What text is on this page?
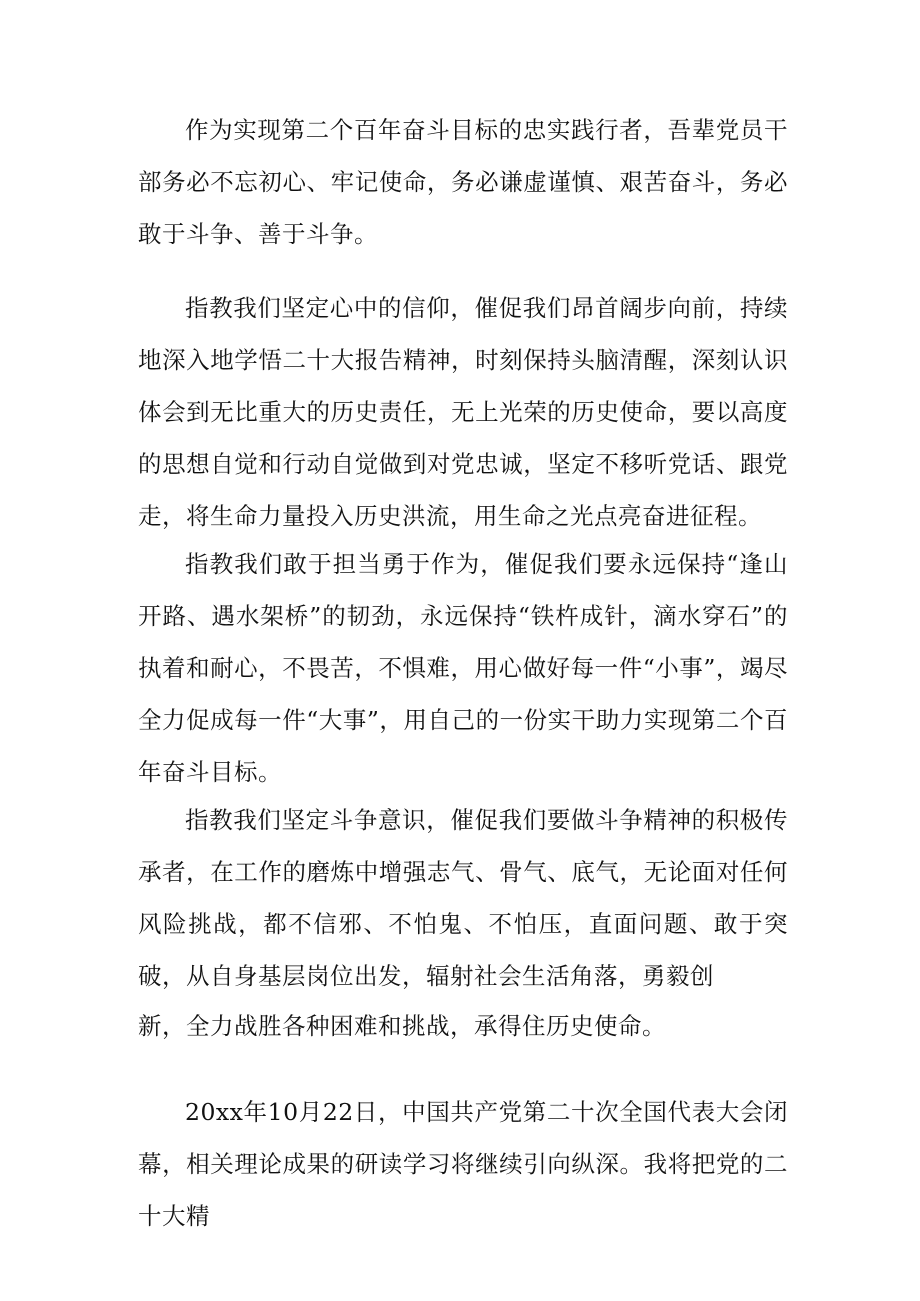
作为实现第二个百年奋斗目标的忠实践行者，吾辈党员干部务必不忘初心、牢记使命，务必谦虚谨慎、艰苦奋斗，务必敢于斗争、善于斗争。

指教我们坚定心中的信仰，催促我们昂首阔步向前，持续地深入地学悟二十大报告精神，时刻保持头脑清醒，深刻认识体会到无比重大的历史责任，无上光荣的历史使命，要以高度的思想自觉和行动自觉做到对党忠诚，坚定不移听党话、跟党走，将生命力量投入历史洪流，用生命之光点亮奋进征程。

指教我们敢于担当勇于作为，催促我们要永远保持“逢山开路、遇水架桥”的韧劲，永远保持“铁杵成针，滴水穿石”的执着和耐心，不畏苦，不惧难，用心做好每一件“小事”，竭尽全力促成每一件“大事”，用自己的一份实干助力实现第二个百年奋斗目标。

指教我们坚定斗争意识，催促我们要做斗争精神的积极传承者，在工作的磨炼中增强志气、骨气、底气，无论面对任何风险挑战，都不信邪、不怕鬼、不怕压，直面问题、敢于突破，从自身基层岗位出发，辐射社会生活角落，勇毅创

新，全力战胜各种困难和挑战，承得住历史使命。

20xx年10月22日，中国共产党第二十次全国代表大会闭幕，相关理论成果的研读学习将继续引向纵深。我将把党的二十大精
